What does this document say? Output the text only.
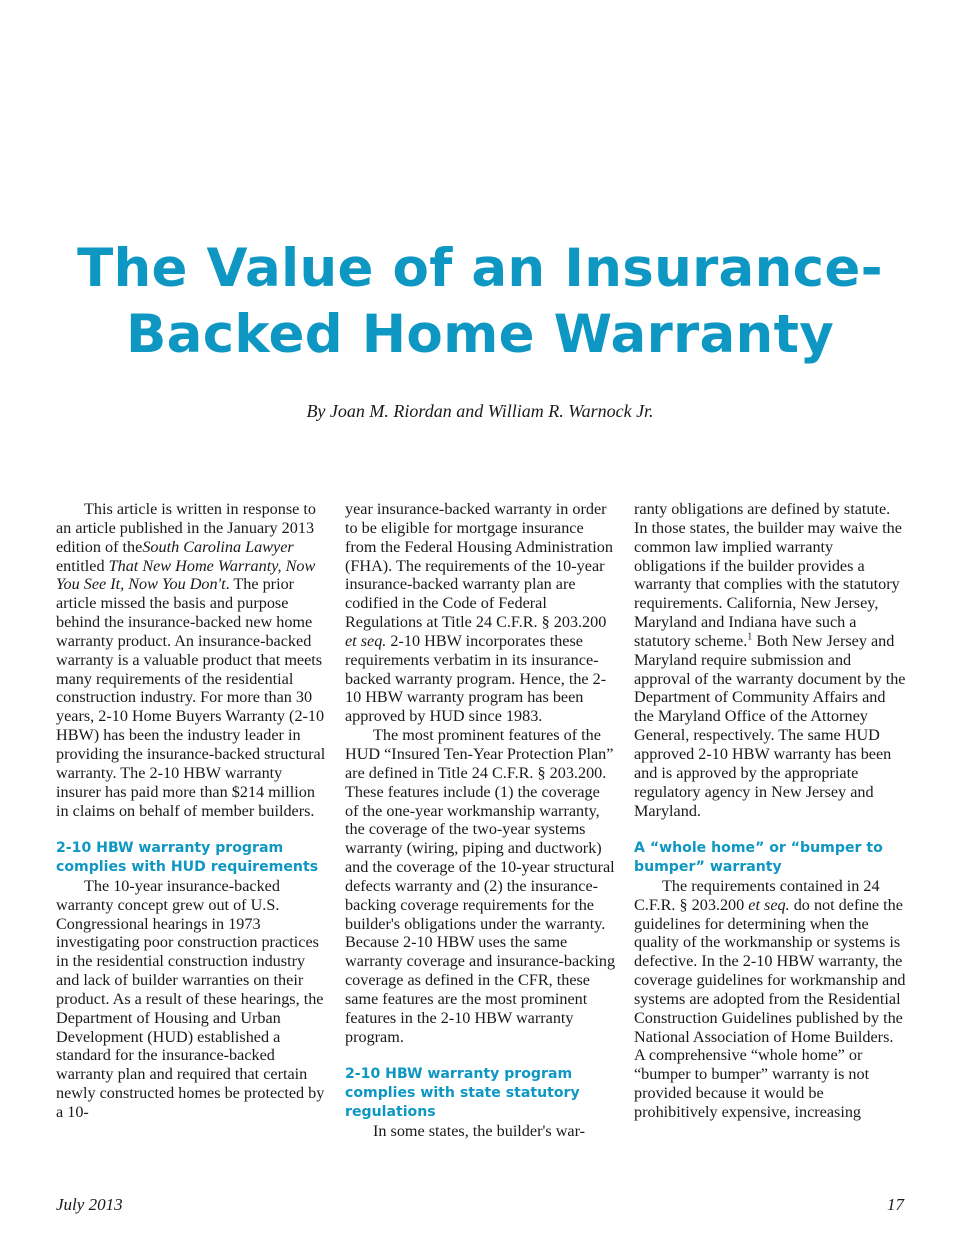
The Value of an Insurance-
Backed Home Warranty
By Joan M. Riordan and William R. Warnock Jr.

This article is written in response to an article published in the January 2013 edition of theSouth Carolina Lawyer entitled That New Home Warranty, Now You See It, Now You Don't. The prior article missed the basis and purpose behind the insurance-backed new home warranty product. An insurance-backed warranty is a valuable product that meets many requirements of the residential construction industry. For more than 30 years, 2-10 Home Buyers Warranty (2-10 HBW) has been the industry leader in providing the insurance-backed structural warranty. The 2-10 HBW warranty insurer has paid more than $214 million in claims on behalf of member builders.

2-10 HBW warranty program complies with HUD requirements

The 10-year insurance-backed warranty concept grew out of U.S. Congressional hearings in 1973 investigating poor construction practices in the residential construction industry and lack of builder warranties on their product. As a result of these hearings, the Department of Housing and Urban Development (HUD) established a standard for the insurance-backed warranty plan and required that certain newly constructed homes be protected by a 10-

year insurance-backed warranty in order to be eligible for mortgage insurance from the Federal Housing Administration (FHA). The requirements of the 10-year insurance-backed warranty plan are codified in the Code of Federal Regulations at Title 24 C.F.R. § 203.200 et seq. 2-10 HBW incorporates these requirements verbatim in its insurance-backed warranty program. Hence, the 2-10 HBW warranty program has been approved by HUD since 1983.

The most prominent features of the HUD “Insured Ten-Year Protection Plan” are defined in Title 24 C.F.R. § 203.200. These features include (1) the coverage of the one-year workmanship warranty, the coverage of the two-year systems warranty (wiring, piping and ductwork) and the coverage of the 10-year structural defects warranty and (2) the insurance-backing coverage requirements for the builder's obligations under the warranty. Because 2-10 HBW uses the same warranty coverage and insurance-backing coverage as defined in the CFR, these same features are the most prominent features in the 2-10 HBW warranty program.

2-10 HBW warranty program complies with state statutory regulations

In some states, the builder's war-

ranty obligations are defined by statute. In those states, the builder may waive the common law implied warranty obligations if the builder provides a warranty that complies with the statutory requirements. California, New Jersey, Maryland and Indiana have such a statutory scheme.$^1$ Both New Jersey and Maryland require submission and approval of the warranty document by the Department of Community Affairs and the Maryland Office of the Attorney General, respectively. The same HUD approved 2-10 HBW warranty has been and is approved by the appropriate regulatory agency in New Jersey and Maryland.

A “whole home” or “bumper to bumper” warranty

The requirements contained in 24 C.F.R. § 203.200 et seq. do not define the guidelines for determining when the quality of the workmanship or systems is defective. In the 2-10 HBW warranty, the coverage guidelines for workmanship and systems are adopted from the Residential Construction Guidelines published by the National Association of Home Builders. A comprehensive “whole home” or “bumper to bumper” warranty is not provided because it would be prohibitively expensive, increasing

July 2013	17
